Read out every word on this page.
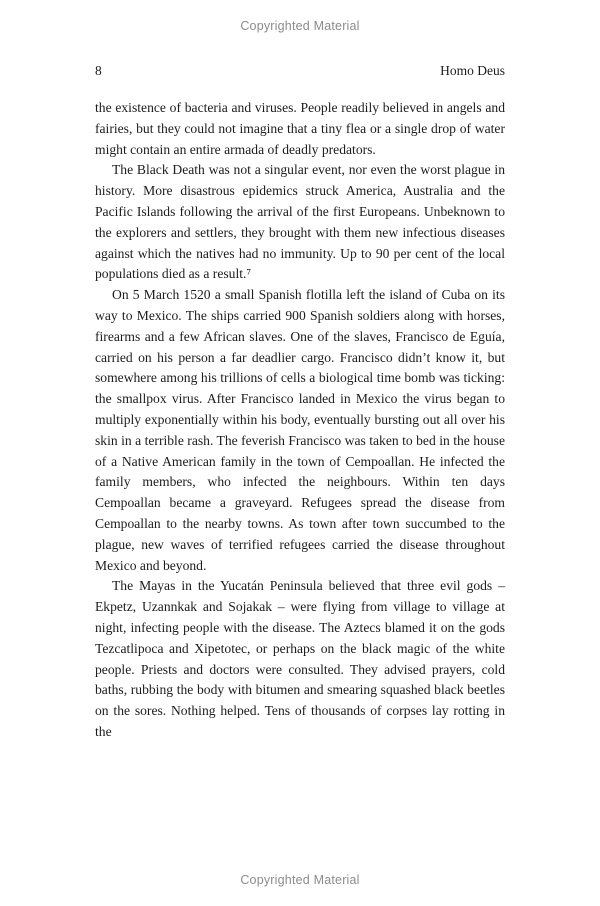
Copyrighted Material
8	Homo Deus

the existence of bacteria and viruses. People readily believed in angels and fairies, but they could not imagine that a tiny flea or a single drop of water might contain an entire armada of deadly predators.

The Black Death was not a singular event, nor even the worst plague in history. More disastrous epidemics struck America, Australia and the Pacific Islands following the arrival of the first Europeans. Unbeknown to the explorers and settlers, they brought with them new infectious diseases against which the natives had no immunity. Up to 90 per cent of the local populations died as a result.⁷

On 5 March 1520 a small Spanish flotilla left the island of Cuba on its way to Mexico. The ships carried 900 Spanish soldiers along with horses, firearms and a few African slaves. One of the slaves, Francisco de Eguía, carried on his person a far deadlier cargo. Francisco didn’t know it, but somewhere among his trillions of cells a biological time bomb was ticking: the smallpox virus. After Francisco landed in Mexico the virus began to multiply exponentially within his body, eventually bursting out all over his skin in a terrible rash. The feverish Francisco was taken to bed in the house of a Native American family in the town of Cempoallan. He infected the family members, who infected the neighbours. Within ten days Cempoallan became a graveyard. Refugees spread the disease from Cempoallan to the nearby towns. As town after town succumbed to the plague, new waves of terrified refugees carried the disease throughout Mexico and beyond.

The Mayas in the Yucatán Peninsula believed that three evil gods – Ekpetz, Uzannkak and Sojakak – were flying from village to village at night, infecting people with the disease. The Aztecs blamed it on the gods Tezcatlipoca and Xipetotec, or perhaps on the black magic of the white people. Priests and doctors were consulted. They advised prayers, cold baths, rubbing the body with bitumen and smearing squashed black beetles on the sores. Nothing helped. Tens of thousands of corpses lay rotting in the

Copyrighted Material
